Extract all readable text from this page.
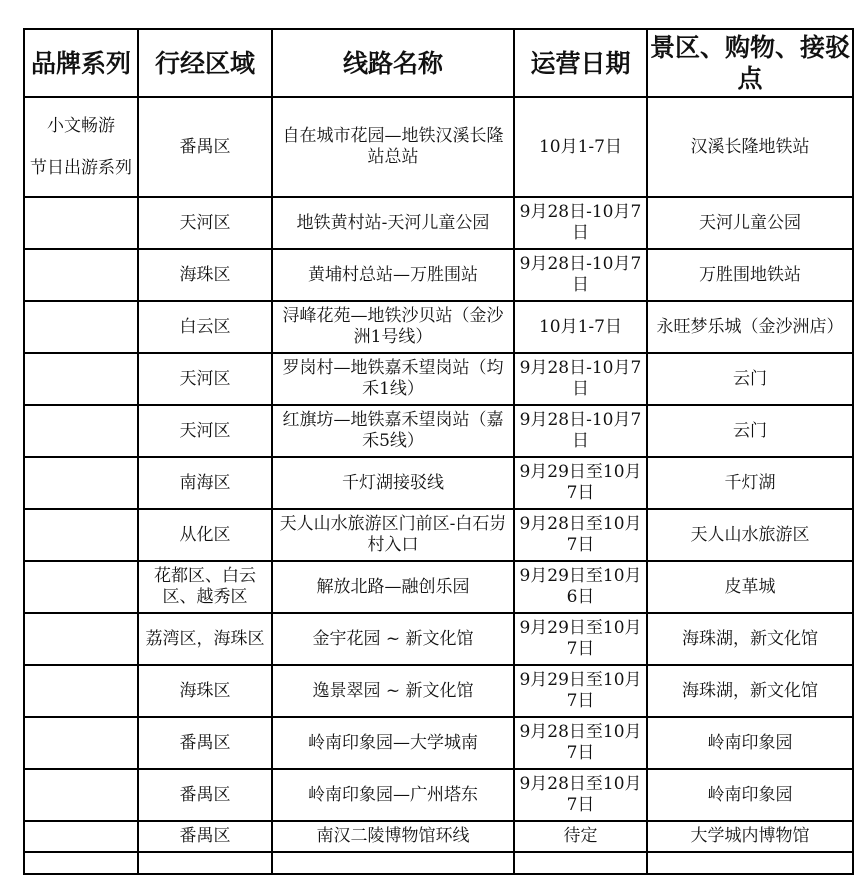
品牌系列	行经区域	线路名称	运营日期	景区、购物、接驳点

小文畅游
节日出游系列	番禺区	自在城市花园—地铁汉溪长隆站总站	10月1-7日	汉溪长隆地铁站
	天河区	地铁黄村站-天河儿童公园	9月28日-10月7日	天河儿童公园
	海珠区	黄埔村总站—万胜围站	9月28日-10月7日	万胜围地铁站
	白云区	浔峰花苑—地铁沙贝站（金沙洲1号线）	10月1-7日	永旺梦乐城（金沙洲店）
	天河区	罗岗村—地铁嘉禾望岗站（均禾1线）	9月28日-10月7日	云门
	天河区	红旗坊—地铁嘉禾望岗站（嘉禾5线）	9月28日-10月7日	云门
	南海区	千灯湖接驳线	9月29日至10月7日	千灯湖
	从化区	天人山水旅游区门前区-白石岃村入口	9月28日至10月7日	天人山水旅游区
	花都区、白云区、越秀区	解放北路—融创乐园	9月29日至10月6日	皮革城
	荔湾区，海珠区	金宇花园 ~ 新文化馆	9月29日至10月7日	海珠湖，新文化馆
	海珠区	逸景翠园 ~ 新文化馆	9月29日至10月7日	海珠湖，新文化馆
	番禺区	岭南印象园—大学城南	9月28日至10月7日	岭南印象园
	番禺区	岭南印象园—广州塔东	9月28日至10月7日	岭南印象园
	番禺区	南汉二陵博物馆环线	待定	大学城内博物馆
